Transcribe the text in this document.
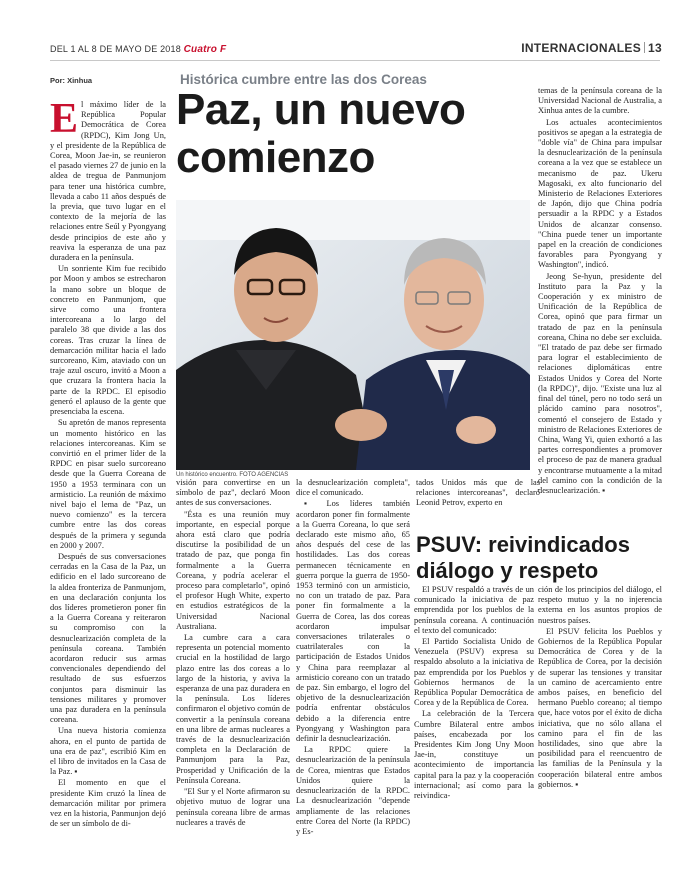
DEL 1 AL 8 DE MAYO DE 2018 Cuatro F	INTERNACIONALES 13
Por: Xinhua	Histórica cumbre entre las dos Coreas
Paz, un nuevo comienzo

El máximo líder de la República Popular Democrática de Corea (RPDC), Kim Jong Un, y el presidente de la República de Corea, Moon Jae-in, se reunieron el pasado viernes 27 de junio en la aldea de tregua de Panmunjom para tener una histórica cumbre, llevada a cabo 11 años después de la previa, que tuvo lugar en el contexto de la mejoría de las relaciones entre Seúl y Pyongyang desde principios de este año y reaviva la esperanza de una paz duradera en la península.

Un sonriente Kim fue recibido por Moon y ambos se estrecharon la mano sobre un bloque de concreto en Panmunjom, que sirve como una frontera intercoreana a lo largo del paralelo 38 que divide a las dos coreas. Tras cruzar la línea de demarcación militar hacia el lado surcoreano, Kim, ataviado con un traje azul oscuro, invitó a Moon a que cruzara la frontera hacia la parte de la RPDC. El episodio generó el aplauso de la gente que presenciaba la escena.

Su apretón de manos representa un momento histórico en las relaciones intercoreanas. Kim se convirtió en el primer líder de la RPDC en pisar suelo surcoreano desde que la Guerra Coreana de 1950 a 1953 terminara con un armisticio. La reunión de máximo nivel bajo el lema de "Paz, un nuevo comienzo" es la tercera cumbre entre las dos coreas después de la primera y segunda en 2000 y 2007.

Después de sus conversaciones cerradas en la Casa de la Paz, un edificio en el lado surcoreano de la aldea fronteriza de Panmunjom, en una declaración conjunta los dos líderes prometieron poner fin a la Guerra Coreana y reiteraron su compromiso con la desnuclearización completa de la península coreana. También acordaron reducir sus armas convencionales dependiendo del resultado de sus esfuerzos conjuntos para disminuir las tensiones militares y promover una paz duradera en la península coreana.

Una nueva historia comienza ahora, en el punto de partida de una era de paz", escribió Kim en el libro de invitados en la Casa de la Paz. ▪

El momento en que el presidente Kim cruzó la línea de demarcación militar por primera vez en la historia, Panmunjon dejó de ser un símbolo de di-

Un histórico encuentro. FOTO AGENCIAS

visión para convertirse en un símbolo de paz", declaró Moon antes de sus conversaciones.

"Ésta es una reunión muy importante, en especial porque ahora está claro que podría discutirse la posibilidad de un tratado de paz, que ponga fin formalmente a la Guerra Coreana, y podría acelerar el proceso para completarlo", opinó el profesor Hugh White, experto en estudios estratégicos de la Universidad Nacional Australiana.

La cumbre cara a cara representa un potencial momento crucial en la hostilidad de largo plazo entre las dos coreas a lo largo de la historia, y aviva la esperanza de una paz duradera en la península. Los líderes confirmaron el objetivo común de convertir a la península coreana en una libre de armas nucleares a través de la desnuclearización completa en la Declaración de Panmunjom para la Paz, Prosperidad y Unificación de la Península Coreana.

"El Sur y el Norte afirmaron su objetivo mutuo de lograr una península coreana libre de armas nucleares a través de

la desnuclearización completa", dice el comunicado.

▪ Los líderes también acordaron poner fin formalmente a la Guerra Coreana, lo que será declarado este mismo año, 65 años después del cese de las hostilidades. Las dos coreas permanecen técnicamente en guerra porque la guerra de 1950-1953 terminó con un armisticio, no con un tratado de paz. Para poner fin formalmente a la Guerra de Corea, las dos coreas acordaron impulsar conversaciones trilaterales o cuatrilaterales con la participación de Estados Unidos y China para reemplazar al armisticio coreano con un tratado de paz. Sin embargo, el logro del objetivo de la desnuclearización podría enfrentar obstáculos debido a la diferencia entre Pyongyang y Washington para definir la desnuclearización.

La RPDC quiere la desnuclearización de la península de Corea, mientras que Estados Unidos quiere la desnuclearización de la RPDC. La desnuclearización "depende ampliamente de las relaciones entre Corea del Norte (la RPDC) y Es-

tados Unidos más que de las relaciones intercoreanas", declaró Leonid Petrov, experto en

temas de la península coreana de la Universidad Nacional de Australia, a Xinhua antes de la cumbre.

Los actuales acontecimientos positivos se apegan a la estrategia de "doble vía" de China para impulsar la desnuclearización de la península coreana a la vez que se establece un mecanismo de paz. Ukeru Magosaki, ex alto funcionario del Ministerio de Relaciones Exteriores de Japón, dijo que China podría persuadir a la RPDC y a Estados Unidos de alcanzar consenso. "China puede tener un importante papel en la creación de condiciones favorables para Pyongyang y Washington", indicó.

Jeong Se-hyun, presidente del Instituto para la Paz y la Cooperación y ex ministro de Unificación de la República de Corea, opinó que para firmar un tratado de paz en la península coreana, China no debe ser excluida. "El tratado de paz debe ser firmado para lograr el establecimiento de relaciones diplomáticas entre Estados Unidos y Corea del Norte (la RPDC)", dijo. "Existe una luz al final del túnel, pero no todo será un plácido camino para nosotros", comentó el consejero de Estado y ministro de Relaciones Exteriores de China, Wang Yi, quien exhortó a las partes correspondientes a promover el proceso de paz de manera gradual y encontrarse mutuamente a la mitad del camino con la condición de la desnuclearización. ▪

PSUV: reivindicados diálogo y respeto

El PSUV respaldó a través de un comunicado la iniciativa de paz emprendida por los pueblos de la península coreana. A continuación el texto del comunicado:

El Partido Socialista Unido de Venezuela (PSUV) expresa su respaldo absoluto a la iniciativa de paz emprendida por los Pueblos y Gobiernos hermanos de la República Popular Democrática de Corea y de la República de Corea.

La celebración de la Tercera Cumbre Bilateral entre ambos países, encabezada por los Presidentes Kim Jong Uny Moon Jae-in, constituye un acontecimiento de importancia capital para la paz y la cooperación internacional; así como para la reivindica-

ción de los principios del diálogo, el respeto mutuo y la no injerencia externa en los asuntos propios de nuestros países.

El PSUV felicita los Pueblos y Gobiernos de la República Popular Democrática de Corea y de la República de Corea, por la decisión de superar las tensiones y transitar un camino de acercamiento entre ambos países, en beneficio del hermano Pueblo coreano; al tiempo que, hace votos por el éxito de dicha iniciativa, que no sólo allana el camino para el fin de las hostilidades, sino que abre la posibilidad para el reencuentro de las familias de la Península y la cooperación bilateral entre ambos gobiernos. ▪
